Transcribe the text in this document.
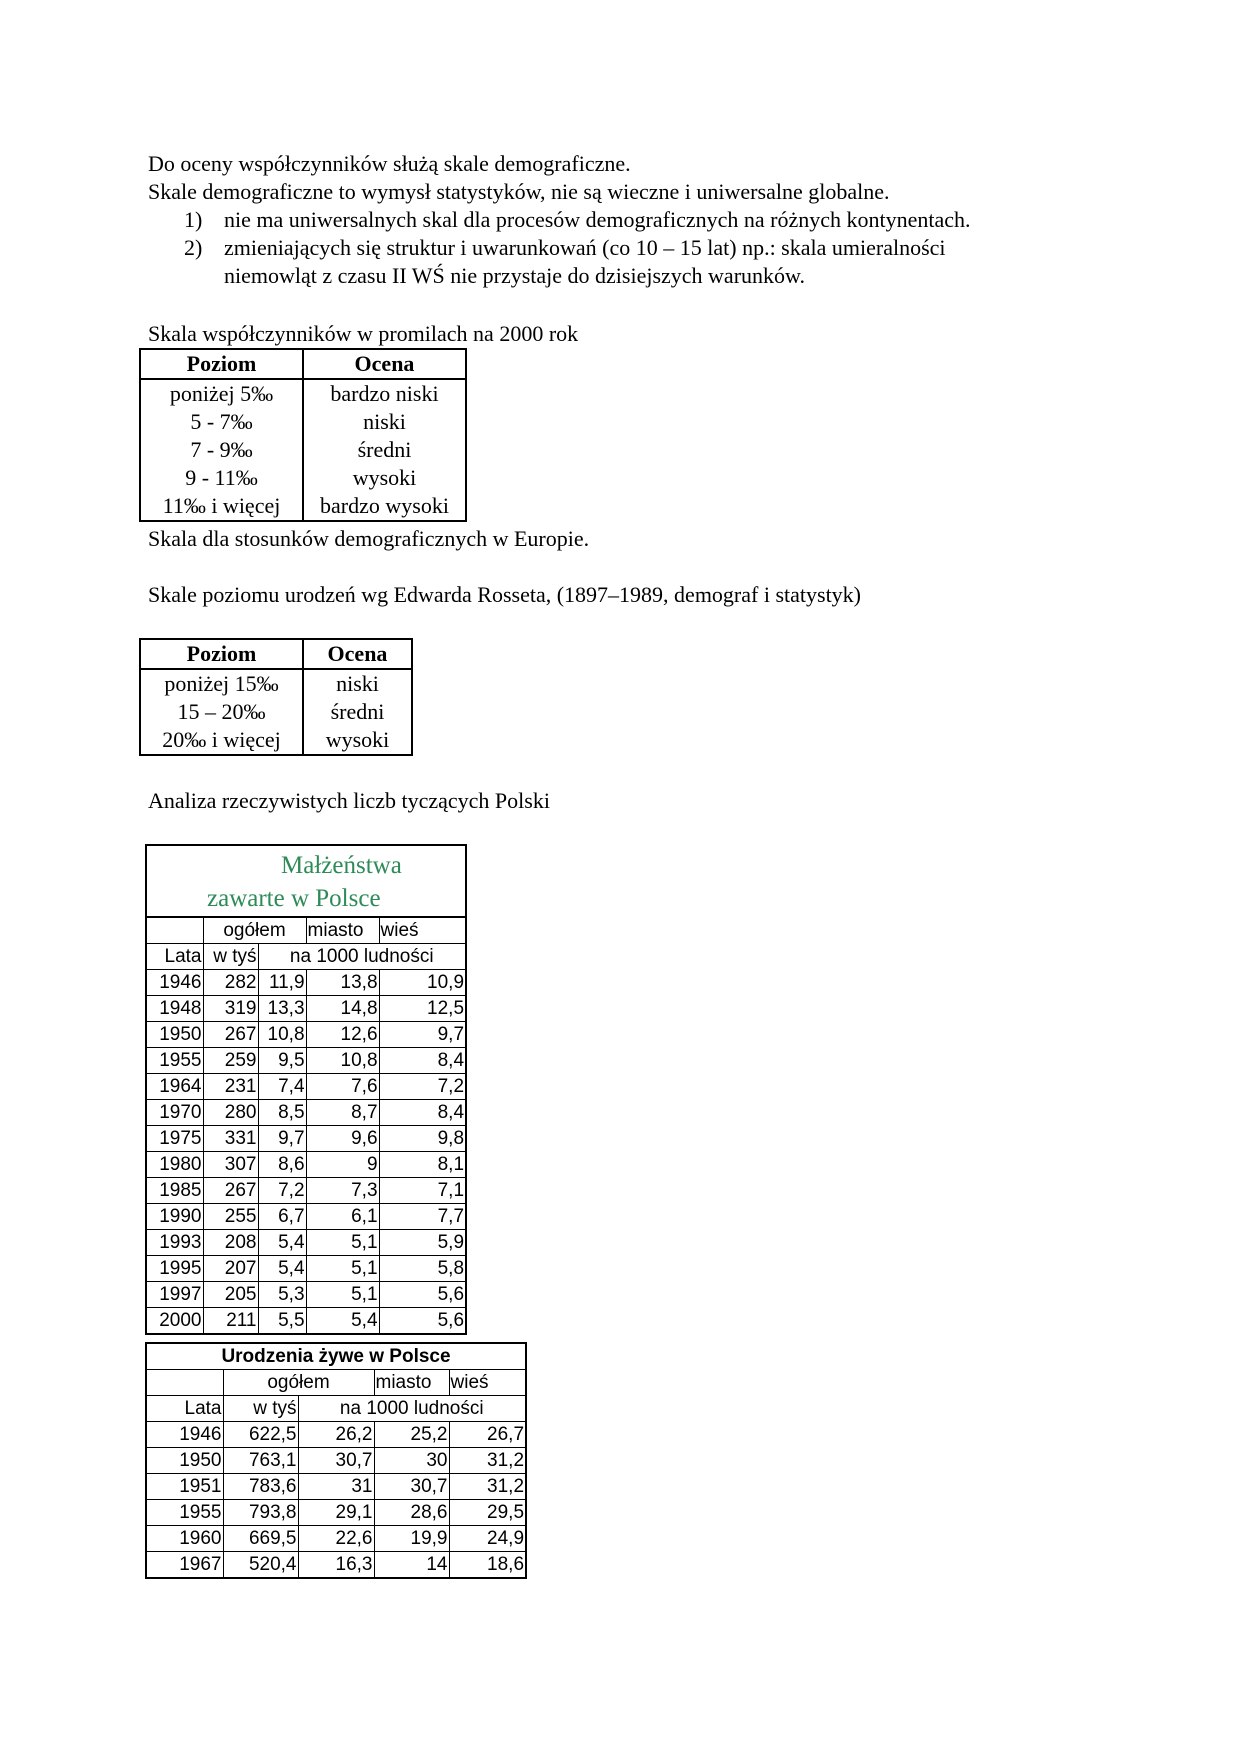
Do oceny współczynników służą skale demograficzne.
Skale demograficzne to wymysł statystyków, nie są wieczne i uniwersalne globalne.
1) nie ma uniwersalnych skal dla procesów demograficznych na różnych kontynentach.
2) zmieniających się struktur i uwarunkowań (co 10 – 15 lat) np.: skala umieralności
niemowląt z czasu II WŚ nie przystaje do dzisiejszych warunków.
Skala współczynników w promilach na 2000 rok
Poziom	Ocena
poniżej 5‰	bardzo niski
5 - 7‰	niski
7 - 9‰	średni
9 - 11‰	wysoki
11‰ i więcej	bardzo wysoki
Skala dla stosunków demograficznych w Europie.
Skale poziomu urodzeń wg Edwarda Rosseta, (1897–1989, demograf i statystyk)
Poziom	Ocena
poniżej 15‰	niski
15 – 20‰	średni
20‰ i więcej	wysoki
Analiza rzeczywistych liczb tyczących Polski
Małżeństwa
zawarte w Polsce
	ogółem		miasto	wieś
Lata	w tyś	na 1000 ludności		
1946	282	11,9	13,8	10,9
1948	319	13,3	14,8	12,5
1950	267	10,8	12,6	9,7
1955	259	9,5	10,8	8,4
1964	231	7,4	7,6	7,2
1970	280	8,5	8,7	8,4
1975	331	9,7	9,6	9,8
1980	307	8,6	9	8,1
1985	267	7,2	7,3	7,1
1990	255	6,7	6,1	7,7
1993	208	5,4	5,1	5,9
1995	207	5,4	5,1	5,8
1997	205	5,3	5,1	5,6
2000	211	5,5	5,4	5,6
Urodzenia żywe w Polsce				
	ogółem		miasto	wieś
Lata	w tyś	na 1000 ludności		
1946	622,5	26,2	25,2	26,7
1950	763,1	30,7	30	31,2
1951	783,6	31	30,7	31,2
1955	793,8	29,1	28,6	29,5
1960	669,5	22,6	19,9	24,9
1967	520,4	16,3	14	18,6
